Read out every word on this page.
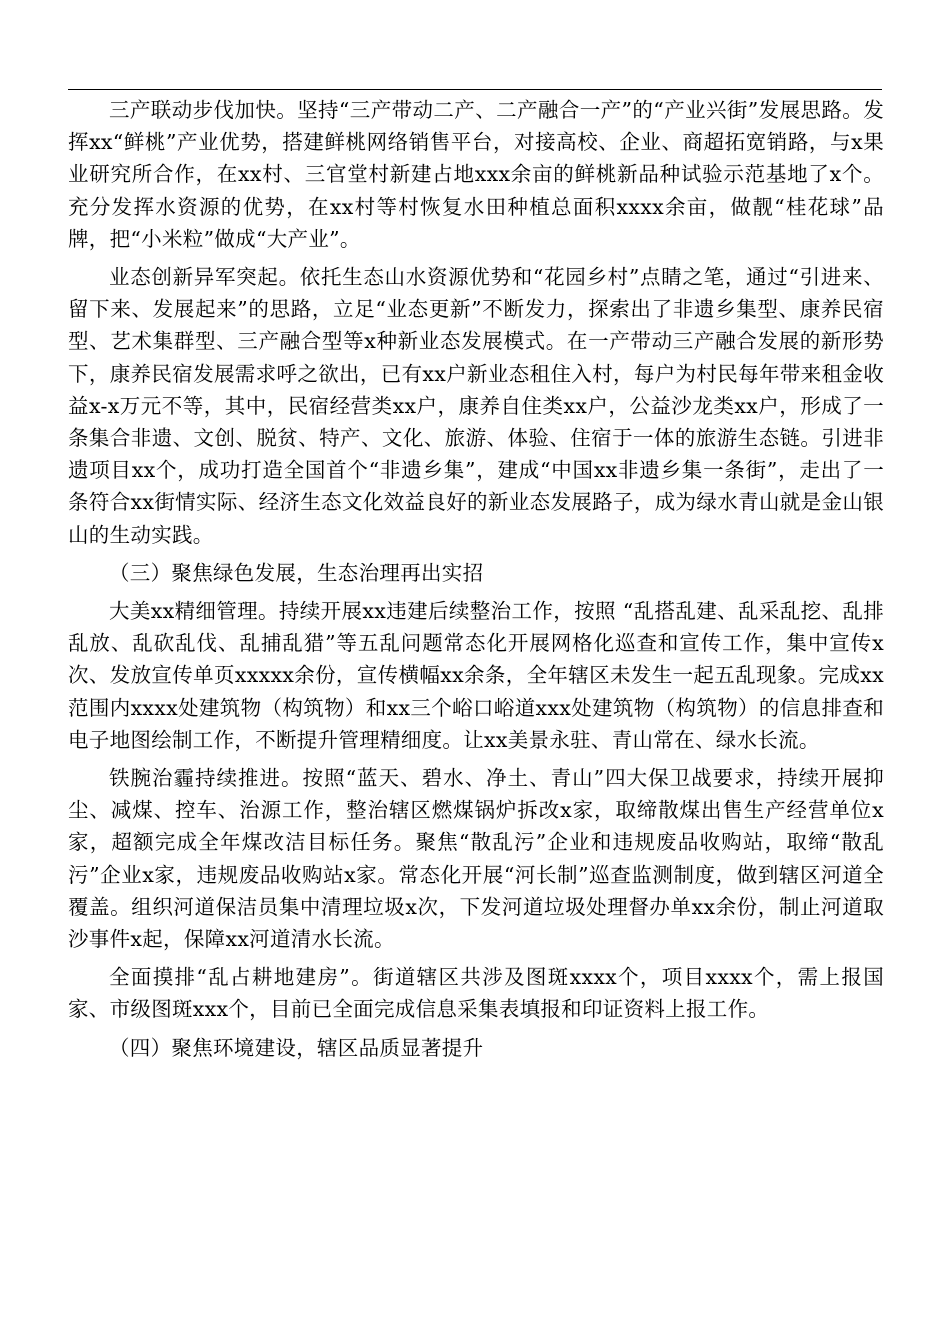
三产联动步伐加快。坚持“三产带动二产、二产融合一产”的“产业兴街”发展思路。发挥xx“鲜桃”产业优势，搭建鲜桃网络销售平台，对接高校、企业、商超拓宽销路，与x果业研究所合作，在xx村、三官堂村新建占地xxx余亩的鲜桃新品种试验示范基地了x个。充分发挥水资源的优势，在xx村等村恢复水田种植总面积xxxx余亩，做靓“桂花球”品牌，把“小米粒”做成“大产业”。

业态创新异军突起。依托生态山水资源优势和“花园乡村”点睛之笔，通过“引进来、留下来、发展起来”的思路，立足“业态更新”不断发力，探索出了非遗乡集型、康养民宿型、艺术集群型、三产融合型等x种新业态发展模式。在一产带动三产融合发展的新形势下，康养民宿发展需求呼之欲出，已有xx户新业态租住入村，每户为村民每年带来租金收益x-x万元不等，其中，民宿经营类xx户，康养自住类xx户，公益沙龙类xx户，形成了一条集合非遗、文创、脱贫、特产、文化、旅游、体验、住宿于一体的旅游生态链。引进非遗项目xx个，成功打造全国首个“非遗乡集”，建成“中国xx非遗乡集一条街”，走出了一条符合xx街情实际、经济生态文化效益良好的新业态发展路子，成为绿水青山就是金山银山的生动实践。

（三）聚焦绿色发展，生态治理再出实招

大美xx精细管理。持续开展xx违建后续整治工作，按照 “乱搭乱建、乱采乱挖、乱排乱放、乱砍乱伐、乱捕乱猎”等五乱问题常态化开展网格化巡查和宣传工作，集中宣传x次、发放宣传单页xxxxx余份，宣传横幅xx余条，全年辖区未发生一起五乱现象。完成xx范围内xxxx处建筑物（构筑物）和xx三个峪口峪道xxx处建筑物（构筑物）的信息排查和电子地图绘制工作，不断提升管理精细度。让xx美景永驻、青山常在、绿水长流。

铁腕治霾持续推进。按照“蓝天、碧水、净土、青山”四大保卫战要求，持续开展抑尘、减煤、控车、治源工作，整治辖区燃煤锅炉拆改x家，取缔散煤出售生产经营单位x家，超额完成全年煤改洁目标任务。聚焦“散乱污”企业和违规废品收购站，取缔“散乱污”企业x家，违规废品收购站x家。常态化开展“河长制”巡查监测制度，做到辖区河道全覆盖。组织河道保洁员集中清理垃圾x次，下发河道垃圾处理督办单xx余份，制止河道取沙事件x起，保障xx河道清水长流。

全面摸排“乱占耕地建房”。街道辖区共涉及图斑xxxx个，项目xxxx个，需上报国家、市级图斑xxx个，目前已全面完成信息采集表填报和印证资料上报工作。

（四）聚焦环境建设，辖区品质显著提升
